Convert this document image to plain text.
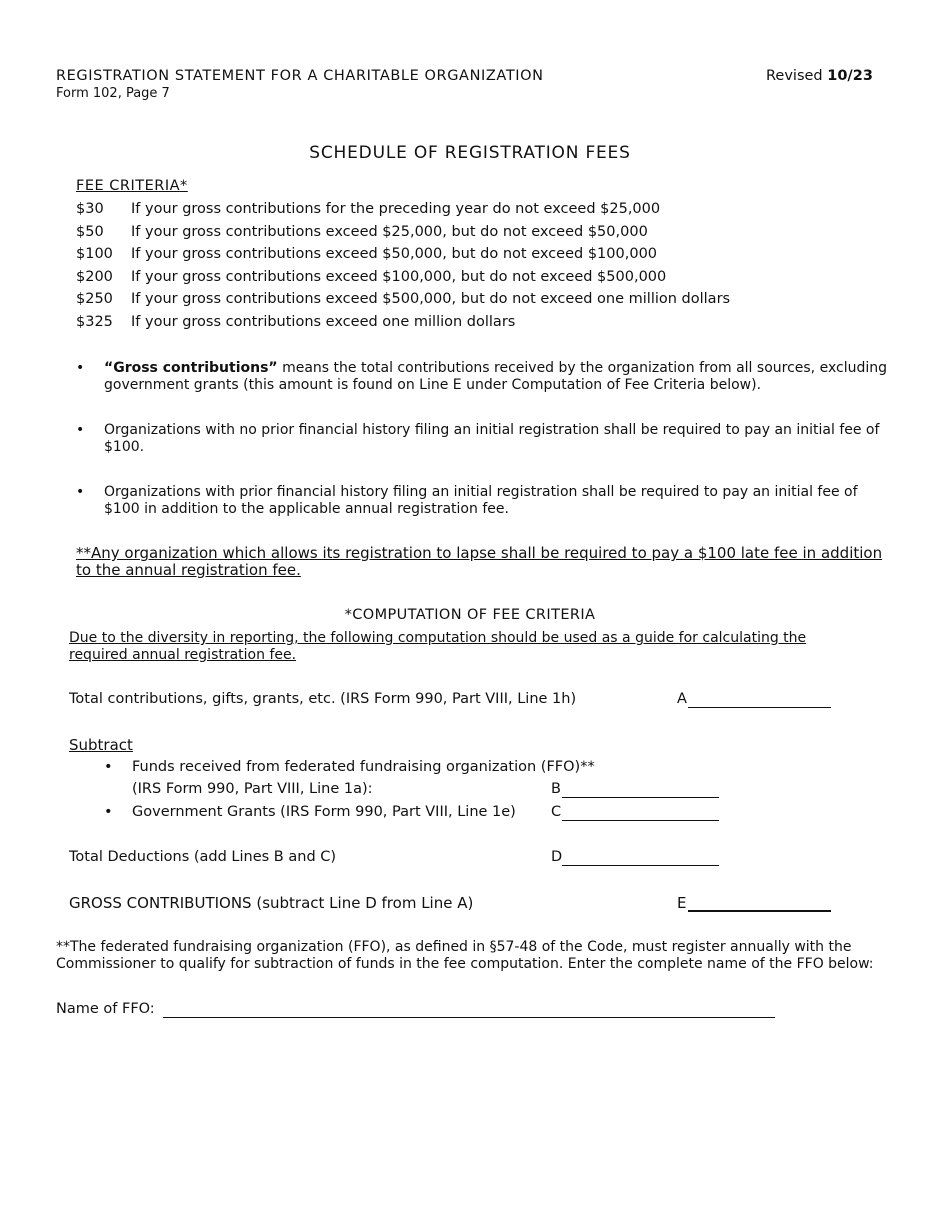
REGISTRATION STATEMENT FOR A CHARITABLE ORGANIZATION
Form 102, Page 7
Revised 10/23
SCHEDULE OF REGISTRATION FEES
FEE CRITERIA*
$30 If your gross contributions for the preceding year do not exceed $25,000
$50 If your gross contributions exceed $25,000, but do not exceed $50,000
$100 If your gross contributions exceed $50,000, but do not exceed $100,000
$200 If your gross contributions exceed $100,000, but do not exceed $500,000
$250 If your gross contributions exceed $500,000, but do not exceed one million dollars
$325 If your gross contributions exceed one million dollars
• “Gross contributions” means the total contributions received by the organization from all sources, excluding government grants (this amount is found on Line E under Computation of Fee Criteria below).
• Organizations with no prior financial history filing an initial registration shall be required to pay an initial fee of $100.
• Organizations with prior financial history filing an initial registration shall be required to pay an initial fee of $100 in addition to the applicable annual registration fee.
**Any organization which allows its registration to lapse shall be required to pay a $100 late fee in addition to the annual registration fee.
*COMPUTATION OF FEE CRITERIA
Due to the diversity in reporting, the following computation should be used as a guide for calculating the required annual registration fee.
Total contributions, gifts, grants, etc. (IRS Form 990, Part VIII, Line 1h)	A
Subtract
• Funds received from federated fundraising organization (FFO)**
(IRS Form 990, Part VIII, Line 1a):	B
• Government Grants (IRS Form 990, Part VIII, Line 1e) C
Total Deductions (add Lines B and C)	D
GROSS CONTRIBUTIONS (subtract Line D from Line A)	E
**The federated fundraising organization (FFO), as defined in §57-48 of the Code, must register annually with the Commissioner to qualify for subtraction of funds in the fee computation. Enter the complete name of the FFO below:
Name of FFO:
